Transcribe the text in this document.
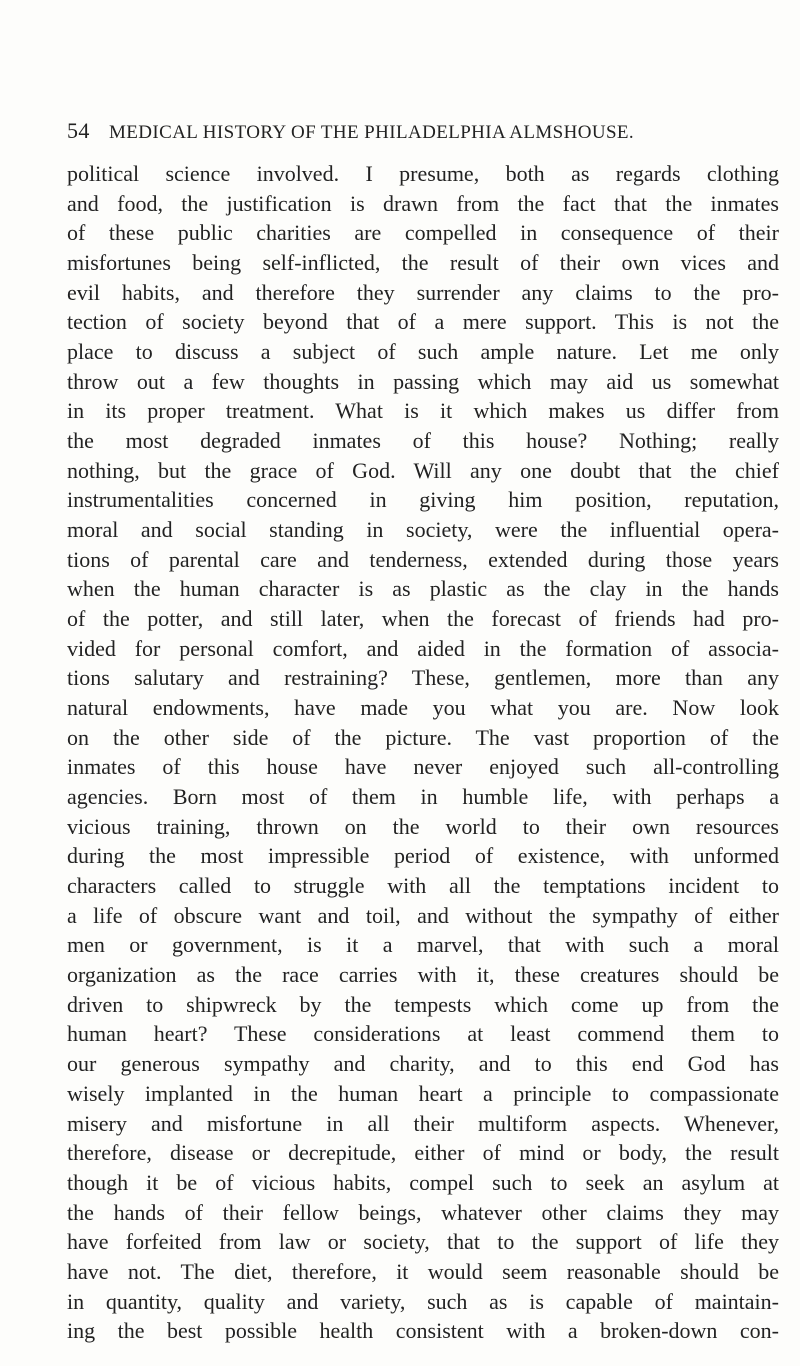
54 MEDICAL HISTORY OF THE PHILADELPHIA ALMSHOUSE.
political science involved. I presume, both as regards clothing
and food, the justification is drawn from the fact that the inmates
of these public charities are compelled in consequence of their
misfortunes being self-inflicted, the result of their own vices and
evil habits, and therefore they surrender any claims to the pro-
tection of society beyond that of a mere support. This is not the
place to discuss a subject of such ample nature. Let me only
throw out a few thoughts in passing which may aid us somewhat
in its proper treatment. What is it which makes us differ from
the most degraded inmates of this house? Nothing; really
nothing, but the grace of God. Will any one doubt that the chief
instrumentalities concerned in giving him position, reputation,
moral and social standing in society, were the influential opera-
tions of parental care and tenderness, extended during those years
when the human character is as plastic as the clay in the hands
of the potter, and still later, when the forecast of friends had pro-
vided for personal comfort, and aided in the formation of associa-
tions salutary and restraining? These, gentlemen, more than any
natural endowments, have made you what you are. Now look
on the other side of the picture. The vast proportion of the
inmates of this house have never enjoyed such all-controlling
agencies. Born most of them in humble life, with perhaps a
vicious training, thrown on the world to their own resources
during the most impressible period of existence, with unformed
characters called to struggle with all the temptations incident to
a life of obscure want and toil, and without the sympathy of either
men or government, is it a marvel, that with such a moral
organization as the race carries with it, these creatures should be
driven to shipwreck by the tempests which come up from the
human heart? These considerations at least commend them to
our generous sympathy and charity, and to this end God has
wisely implanted in the human heart a principle to compassionate
misery and misfortune in all their multiform aspects. Whenever,
therefore, disease or decrepitude, either of mind or body, the result
though it be of vicious habits, compel such to seek an asylum at
the hands of their fellow beings, whatever other claims they may
have forfeited from law or society, that to the support of life they
have not. The diet, therefore, it would seem reasonable should be
in quantity, quality and variety, such as is capable of maintain-
ing the best possible health consistent with a broken-down con-
